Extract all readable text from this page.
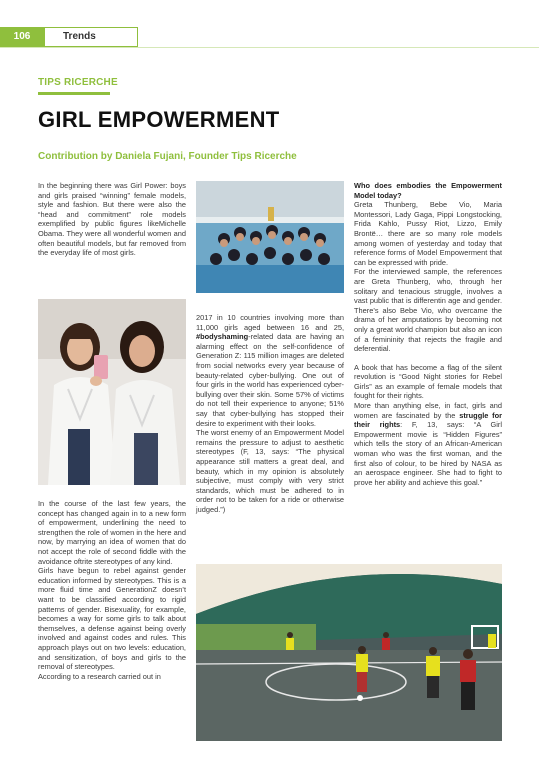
106	Trends
TIPS RICERCHE
GIRL EMPOWERMENT
Contribution by Daniela Fujani, Founder Tips Ricerche

In the beginning there was Girl Power: boys and girls praised “winning” female models, style and fashion. But there were also the “head and commitment” role models exemplified by public figures likeMichelle Obama. They were all wonderful women and often beautiful models, but far removed from the everyday life of most girls.

In the course of the last few years, the concept has changed again in to a new form of empowerment, underlining the need to strengthen the role of women in the here and now, by marrying an idea of women that do not accept the role of second fiddle with the avoidance oftrite stereotypes of any kind.

Girls have begun to rebel against gender education informed by stereotypes. This is a more fluid time and GenerationZ doesn’t want to be classified according to rigid patterns of gender. Bisexuality, for example, becomes a way for some girls to talk about themselves, a defense against being overly involved and against codes and rules. This approach plays out on two levels: education, and sensitization, of boys and girls to the removal of stereotypes.

According to a research carried out in

2017 in 10 countries involving more than 11,000 girls aged between 16 and 25, #bodyshaming-related data are having an alarming effect on the self-confidence of Generation Z: 115 million images are deleted from social networks every year because of beauty-related cyber-bullying. One out of four girls in the world has experienced cyber-bullying over their skin. Some 57% of victims do not tell their experience to anyone; 51% say that cyber-bullying has stopped their desire to experiment with their looks.

The worst enemy of an Empowerment Model remains the pressure to adjust to aesthetic stereotypes (F, 13, says: “The physical appearance still matters a great deal, and beauty, which in my opinion is absolutely subjective, must comply with very strict standards, which must be adhered to in order not to be taken for a ride or otherwise judged.”)

Who does embodies the Empowerment Model today?

Greta Thunberg, Bebe Vio, Maria Montessori, Lady Gaga, Pippi Longstocking, Frida Kahlo, Pussy Riot, Lizzo, Emily Brontë… there are so many role models among women of yesterday and today that reference forms of Model Empowerment that can be expressed with pride.

For the interviewed sample, the references are Greta Thunberg, who, through her solitary and tenacious struggle, involves a vast public that is differentin age and gender. There’s also Bebe Vio, who overcame the drama of her amputations by becoming not only a great world champion but also an icon of a femininity that rejects the fragile and deferential.

A book that has become a flag of the silent revolution is “Good Night stories for Rebel Girls” as an example of female models that fought for their rights.

More than anything else, in fact, girls and women are fascinated by the struggle for their rights: F, 13, says: “A Girl Empowerment movie is “Hidden Figures” which tells the story of an African-American woman who was the first woman, and the first also of colour, to be hired by NASA as an aerospace engineer. She had to fight to prove her ability and achieve this goal.”
